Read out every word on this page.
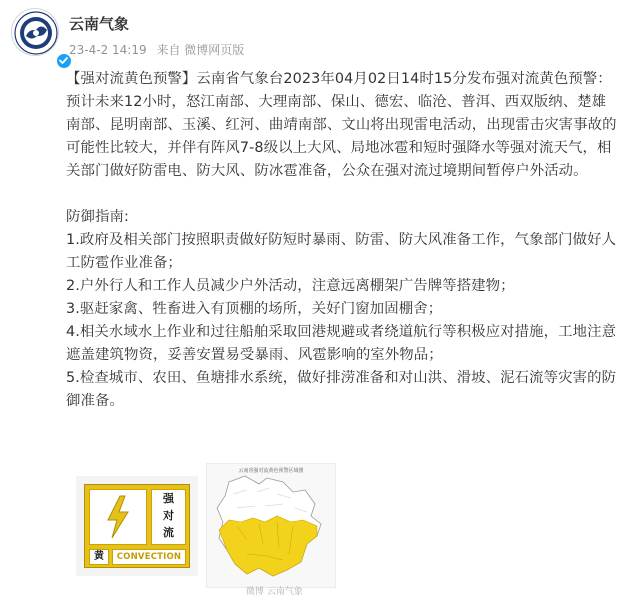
云南气象
23-4-2 14:19 来自 微博网页版

【强对流黄色预警】云南省气象台2023年04月02日14时15分发布强对流黄色预警：预计未来12小时，怒江南部、大理南部、保山、德宏、临沧、普洱、西双版纳、楚雄南部、昆明南部、玉溪、红河、曲靖南部、文山将出现雷电活动，出现雷击灾害事故的可能性比较大，并伴有阵风7-8级以上大风、局地冰雹和短时强降水等强对流天气，相关部门做好防雷电、防大风、防冰雹准备，公众在强对流过境期间暂停户外活动。

防御指南:

1.政府及相关部门按照职责做好防短时暴雨、防雷、防大风准备工作，气象部门做好人工防雹作业准备；

2.户外行人和工作人员减少户外活动，注意远离棚架广告牌等搭建物；

3.驱赶家禽、牲畜进入有顶棚的场所，关好门窗加固棚舍；

4.相关水域水上作业和过往船舶采取回港规避或者绕道航行等积极应对措施，工地注意遮盖建筑物资，妥善安置易受暴雨、风雹影响的室外物品；

5.检查城市、农田、鱼塘排水系统，做好排涝准备和对山洪、滑坡、泥石流等灾害的防御准备。

强
对
流
黄	CONVECTION
云南省强对流黄色预警区域图
微博 云南气象
